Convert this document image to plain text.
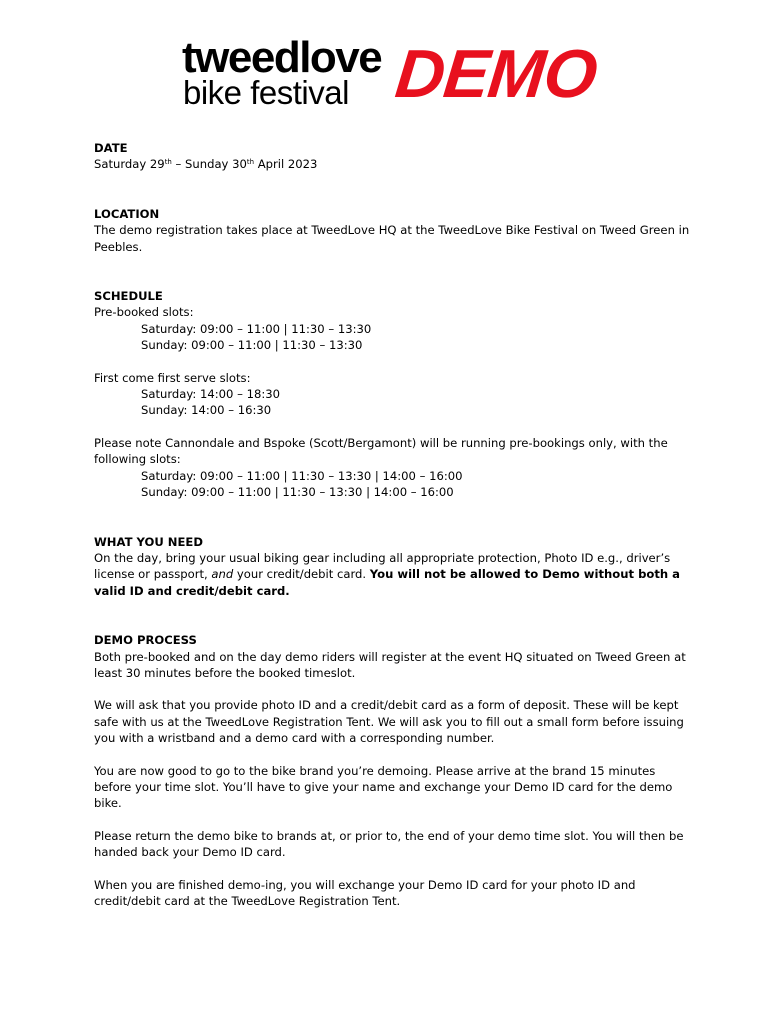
tweedlove
bike festival DEMO

DATE

Saturday 29th – Sunday 30th April 2023

LOCATION

The demo registration takes place at TweedLove HQ at the TweedLove Bike Festival on Tweed Green in Peebles.

SCHEDULE

Pre-booked slots:

Saturday: 09:00 – 11:00 | 11:30 – 13:30

Sunday: 09:00 – 11:00 | 11:30 – 13:30

First come first serve slots:

Saturday: 14:00 – 18:30

Sunday: 14:00 – 16:30

Please note Cannondale and Bspoke (Scott/Bergamont) will be running pre-bookings only, with the following slots:

Saturday: 09:00 – 11:00 | 11:30 – 13:30 | 14:00 – 16:00

Sunday: 09:00 – 11:00 | 11:30 – 13:30 | 14:00 – 16:00

WHAT YOU NEED

On the day, bring your usual biking gear including all appropriate protection, Photo ID e.g., driver’s license or passport, and your credit/debit card. You will not be allowed to Demo without both a valid ID and credit/debit card.

DEMO PROCESS

Both pre-booked and on the day demo riders will register at the event HQ situated on Tweed Green at least 30 minutes before the booked timeslot.

We will ask that you provide photo ID and a credit/debit card as a form of deposit. These will be kept safe with us at the TweedLove Registration Tent. We will ask you to fill out a small form before issuing you with a wristband and a demo card with a corresponding number.

You are now good to go to the bike brand you’re demoing. Please arrive at the brand 15 minutes before your time slot. You’ll have to give your name and exchange your Demo ID card for the demo bike.

Please return the demo bike to brands at, or prior to, the end of your demo time slot. You will then be handed back your Demo ID card.

When you are finished demo-ing, you will exchange your Demo ID card for your photo ID and credit/debit card at the TweedLove Registration Tent.
